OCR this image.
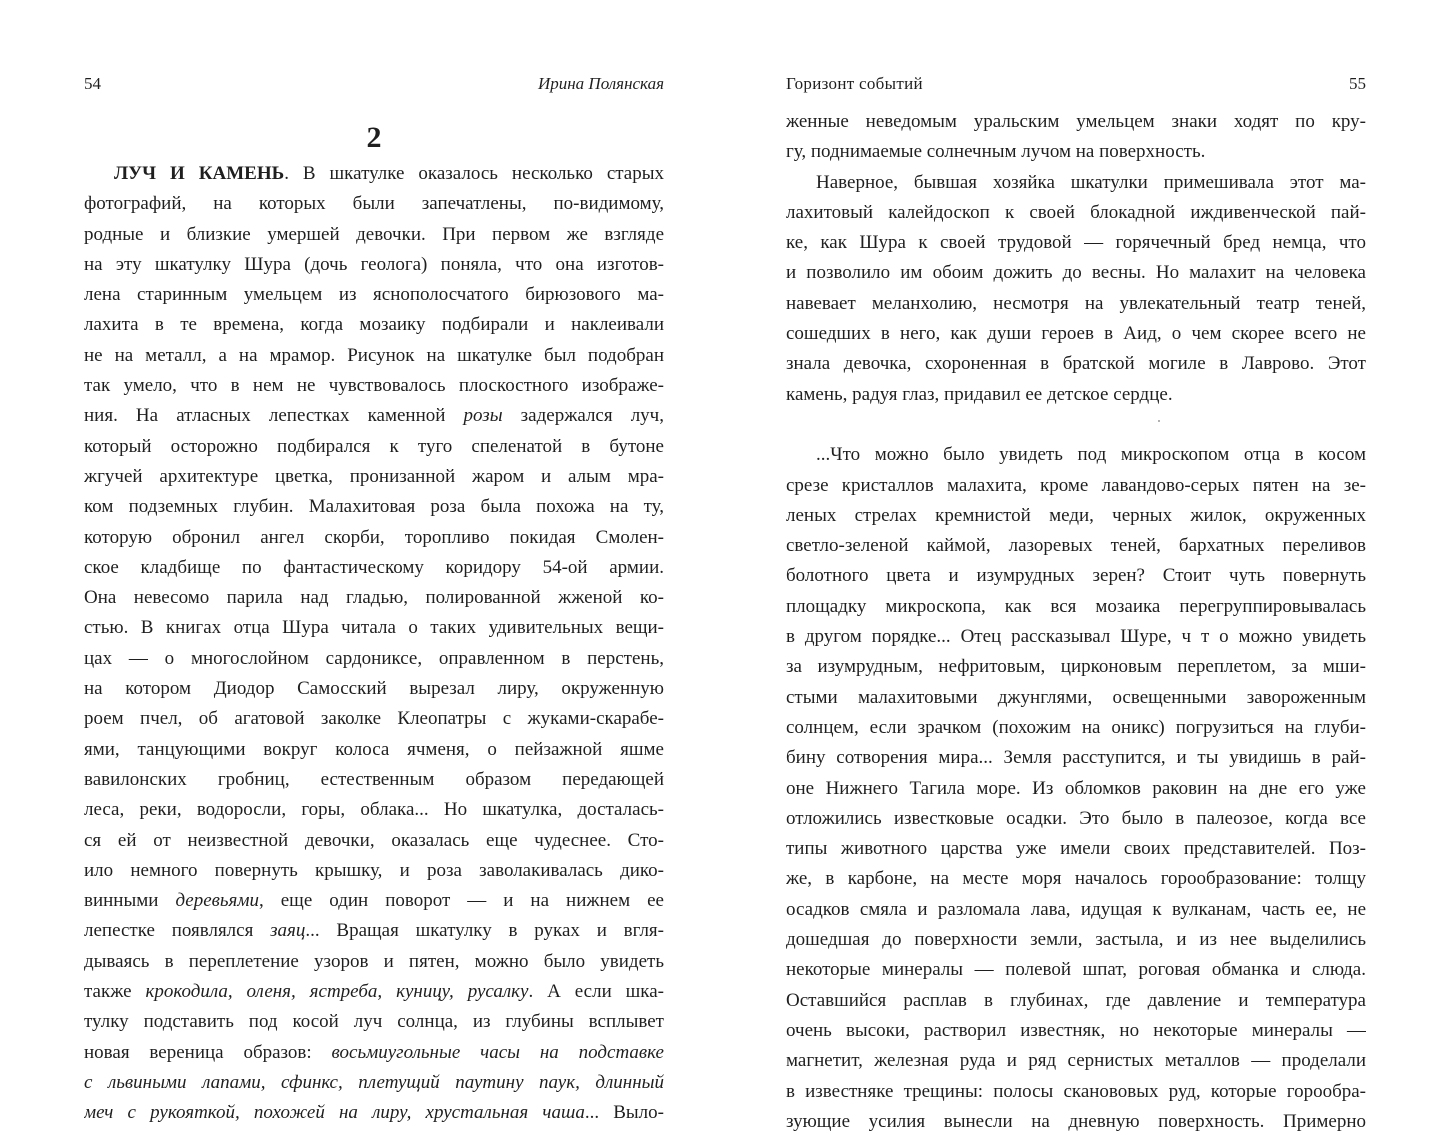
54	Ирина Полянская
2
ЛУЧ И КАМЕНЬ. В шкатулке оказалось несколько старых
фотографий, на которых были запечатлены, по-видимому,
родные и близкие умершей девочки. При первом же взгляде
на эту шкатулку Шура (дочь геолога) поняла, что она изготов-
лена старинным умельцем из яснополосчатого бирюзового ма-
лахита в те времена, когда мозаику подбирали и наклеивали
не на металл, а на мрамор. Рисунок на шкатулке был подобран
так умело, что в нем не чувствовалось плоскостного изображе-
ния. На атласных лепестках каменной розы задержался луч,
который осторожно подбирался к туго спеленатой в бутоне
жгучей архитектуре цветка, пронизанной жаром и алым мра-
ком подземных глубин. Малахитовая роза была похожа на ту,
которую обронил ангел скорби, торопливо покидая Смолен-
ское кладбище по фантастическому коридору 54-ой армии.
Она невесомо парила над гладью, полированной жженой ко-
стью. В книгах отца Шура читала о таких удивительных вещи-
цах — о многослойном сардониксе, оправленном в перстень,
на котором Диодор Самосский вырезал лиру, окруженную
роем пчел, об агатовой заколке Клеопатры с жуками-скарабе-
ями, танцующими вокруг колоса ячменя, о пейзажной яшме
вавилонских гробниц, естественным образом передающей
леса, реки, водоросли, горы, облака... Но шкатулка, досталась-
ся ей от неизвестной девочки, оказалась еще чудеснее. Сто-
ило немного повернуть крышку, и роза заволакивалась дико-
винными деревьями, еще один поворот — и на нижнем ее
лепестке появлялся заяц... Вращая шкатулку в руках и вгля-
дываясь в переплетение узоров и пятен, можно было увидеть
также крокодила, оленя, ястреба, куницу, русалку. А если шка-
тулку подставить под косой луч солнца, из глубины всплывет
новая вереница образов: восьмиугольные часы на подставке
с львиными лапами, сфинкс, плетущий паутину паук, длинный
меч с рукояткой, похожей на лиру, хрустальная чаша... Выло-
Горизонт событий	55
женные неведомым уральским умельцем знаки ходят по кру-
гу, поднимаемые солнечным лучом на поверхность.
Наверное, бывшая хозяйка шкатулки примешивала этот ма-
лахитовый калейдоскоп к своей блокадной иждивенческой пай-
ке, как Шура к своей трудовой — горячечный бред немца, что
и позволило им обоим дожить до весны. Но малахит на человека
навевает меланхолию, несмотря на увлекательный театр теней,
сошедших в него, как души героев в Аид, о чем скорее всего не
знала девочка, схороненная в братской могиле в Лаврово. Этот
камень, радуя глаз, придавил ее детское сердце.
...Что можно было увидеть под микроскопом отца в косом
срезе кристаллов малахита, кроме лавандово-серых пятен на зе-
леных стрелах кремнистой меди, черных жилок, окруженных
светло-зеленой каймой, лазоревых теней, бархатных переливов
болотного цвета и изумрудных зерен? Стоит чуть повернуть
площадку микроскопа, как вся мозаика перегруппировывалась
в другом порядке... Отец рассказывал Шуре, ч т о можно увидеть
за изумрудным, нефритовым, цирконовым переплетом, за мши-
стыми малахитовыми джунглями, освещенными завороженным
солнцем, если зрачком (похожим на оникс) погрузиться на глуби-
бину сотворения мира... Земля расступится, и ты увидишь в рай-
оне Нижнего Тагила море. Из обломков раковин на дне его уже
отложились известковые осадки. Это было в палеозое, когда все
типы животного царства уже имели своих представителей. Поз-
же, в карбоне, на месте моря началось горообразование: толщу
осадков смяла и разломала лава, идущая к вулканам, часть ее, не
дошедшая до поверхности земли, застыла, и из нее выделились
некоторые минералы — полевой шпат, роговая обманка и слюда.
Оставшийся расплав в глубинах, где давление и температура
очень высоки, растворил известняк, но некоторые минералы —
магнетит, железная руда и ряд сернистых металлов — проделали
в известняке трещины: полосы сканововых руд, которые горообра-
зующие усилия вынесли на дневную поверхность. Примерно
